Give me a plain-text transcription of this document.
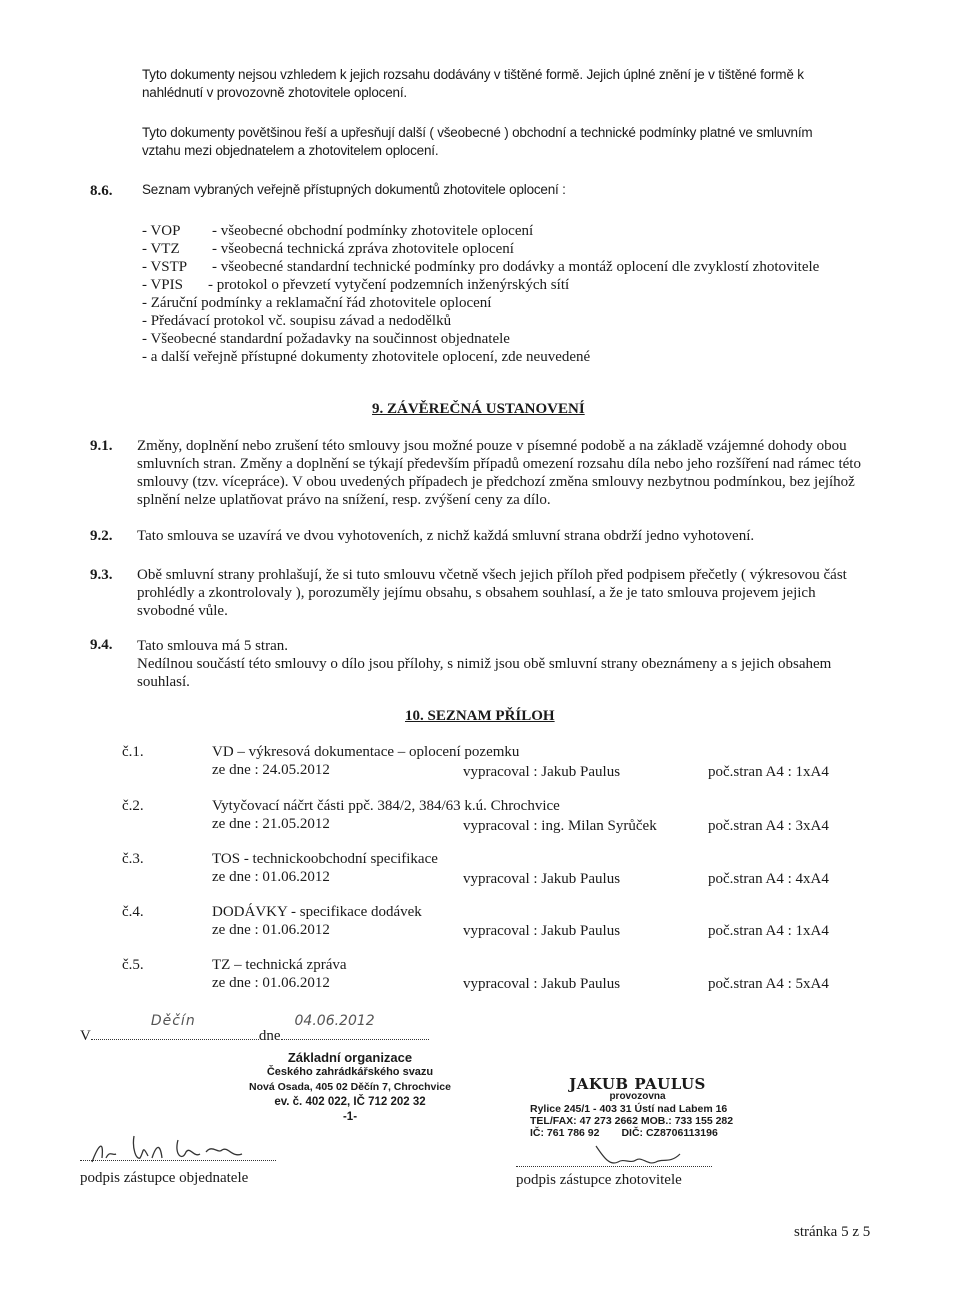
Tyto dokumenty nejsou vzhledem k jejich rozsahu dodávány v tištěné formě. Jejich úplné znění je v tištěné formě k nahlédnutí v provozovně zhotovitele oplocení.

Tyto dokumenty povětšinou řeší a upřesňují další ( všeobecné ) obchodní a technické podmínky platné ve smluvním vztahu mezi objednatelem a zhotovitelem oplocení.

8.6. Seznam vybraných veřejně přístupných dokumentů zhotovitele oplocení :
- VOP - všeobecné obchodní podmínky zhotovitele oplocení
- VTZ - všeobecná technická zpráva zhotovitele oplocení
- VSTP - všeobecné standardní technické podmínky pro dodávky a montáž oplocení dle zvyklostí zhotovitele
- VPIS - protokol o převzetí vytyčení podzemních inženýrských sítí
- Záruční podmínky a reklamační řád zhotovitele oplocení
- Předávací protokol vč. soupisu závad a nedodělků
- Všeobecné standardní požadavky na součinnost objednatele
- a další veřejně přístupné dokumenty zhotovitele oplocení, zde neuvedené
9. ZÁVĚREČNÁ USTANOVENÍ
9.1. Změny, doplnění nebo zrušení této smlouvy jsou možné pouze v písemné podobě a na základě vzájemné dohody obou smluvních stran. Změny a doplnění se týkají především případů omezení rozsahu díla nebo jeho rozšíření nad rámec této smlouvy (tzv. vícepráce). V obou uvedených případech je předchozí změna smlouvy nezbytnou podmínkou, bez jejíhož splnění nelze uplatňovat právo na snížení, resp. zvýšení ceny za dílo.

9.2. Tato smlouva se uzavírá ve dvou vyhotoveních, z nichž každá smluvní strana obdrží jedno vyhotovení.

9.3. Obě smluvní strany prohlašují, že si tuto smlouvu včetně všech jejich příloh před podpisem přečetly ( výkresovou část prohlédly a zkontrolovaly ), porozuměly jejímu obsahu, s obsahem souhlasí, a že je tato smlouva projevem jejich svobodné vůle.

9.4. Tato smlouva má 5 stran.

Nedílnou součástí této smlouvy o dílo jsou přílohy, s nimiž jsou obě smluvní strany obeznámeny a s jejich obsahem souhlasí.

10. SEZNAM PŘÍLOH
č.1.	VD – výkresová dokumentace – oplocení pozemku
ze dne : 24.05.2012	vypracoval : Jakub Paulus	poč.stran A4 : 1xA4
č.2.	Vytyčovací náčrt části ppč. 384/2, 384/63 k.ú. Chrochvice
ze dne : 21.05.2012	vypracoval : ing. Milan Syrůček	poč.stran A4 : 3xA4
č.3.	TOS - technickoobchodní specifikace
ze dne : 01.06.2012	vypracoval : Jakub Paulus	poč.stran A4 : 4xA4
č.4.	DODÁVKY - specifikace dodávek
ze dne : 01.06.2012	vypracoval : Jakub Paulus	poč.stran A4 : 1xA4
č.5.	TZ – technická zpráva
ze dne : 01.06.2012	vypracoval : Jakub Paulus	poč.stran A4 : 5xA4
V
Děčín
dne
04.06.2012
Základní organizace
Českého zahrádkářského svazu
Nová Osada, 405 02 Děčín 7, Chrochvice
ev. č. 402 022, IČ 712 202 32
-1-
JAKUB PAULUS
provozovna
Rylice 245/1 - 403 31 Ústí nad Labem 16
TEL/FAX: 47 273 2662 MOB.: 733 155 282
IČ: 761 786 92 DIČ: CZ8706113196
podpis zástupce objednatele	podpis zástupce zhotovitele
stránka 5 z 5
